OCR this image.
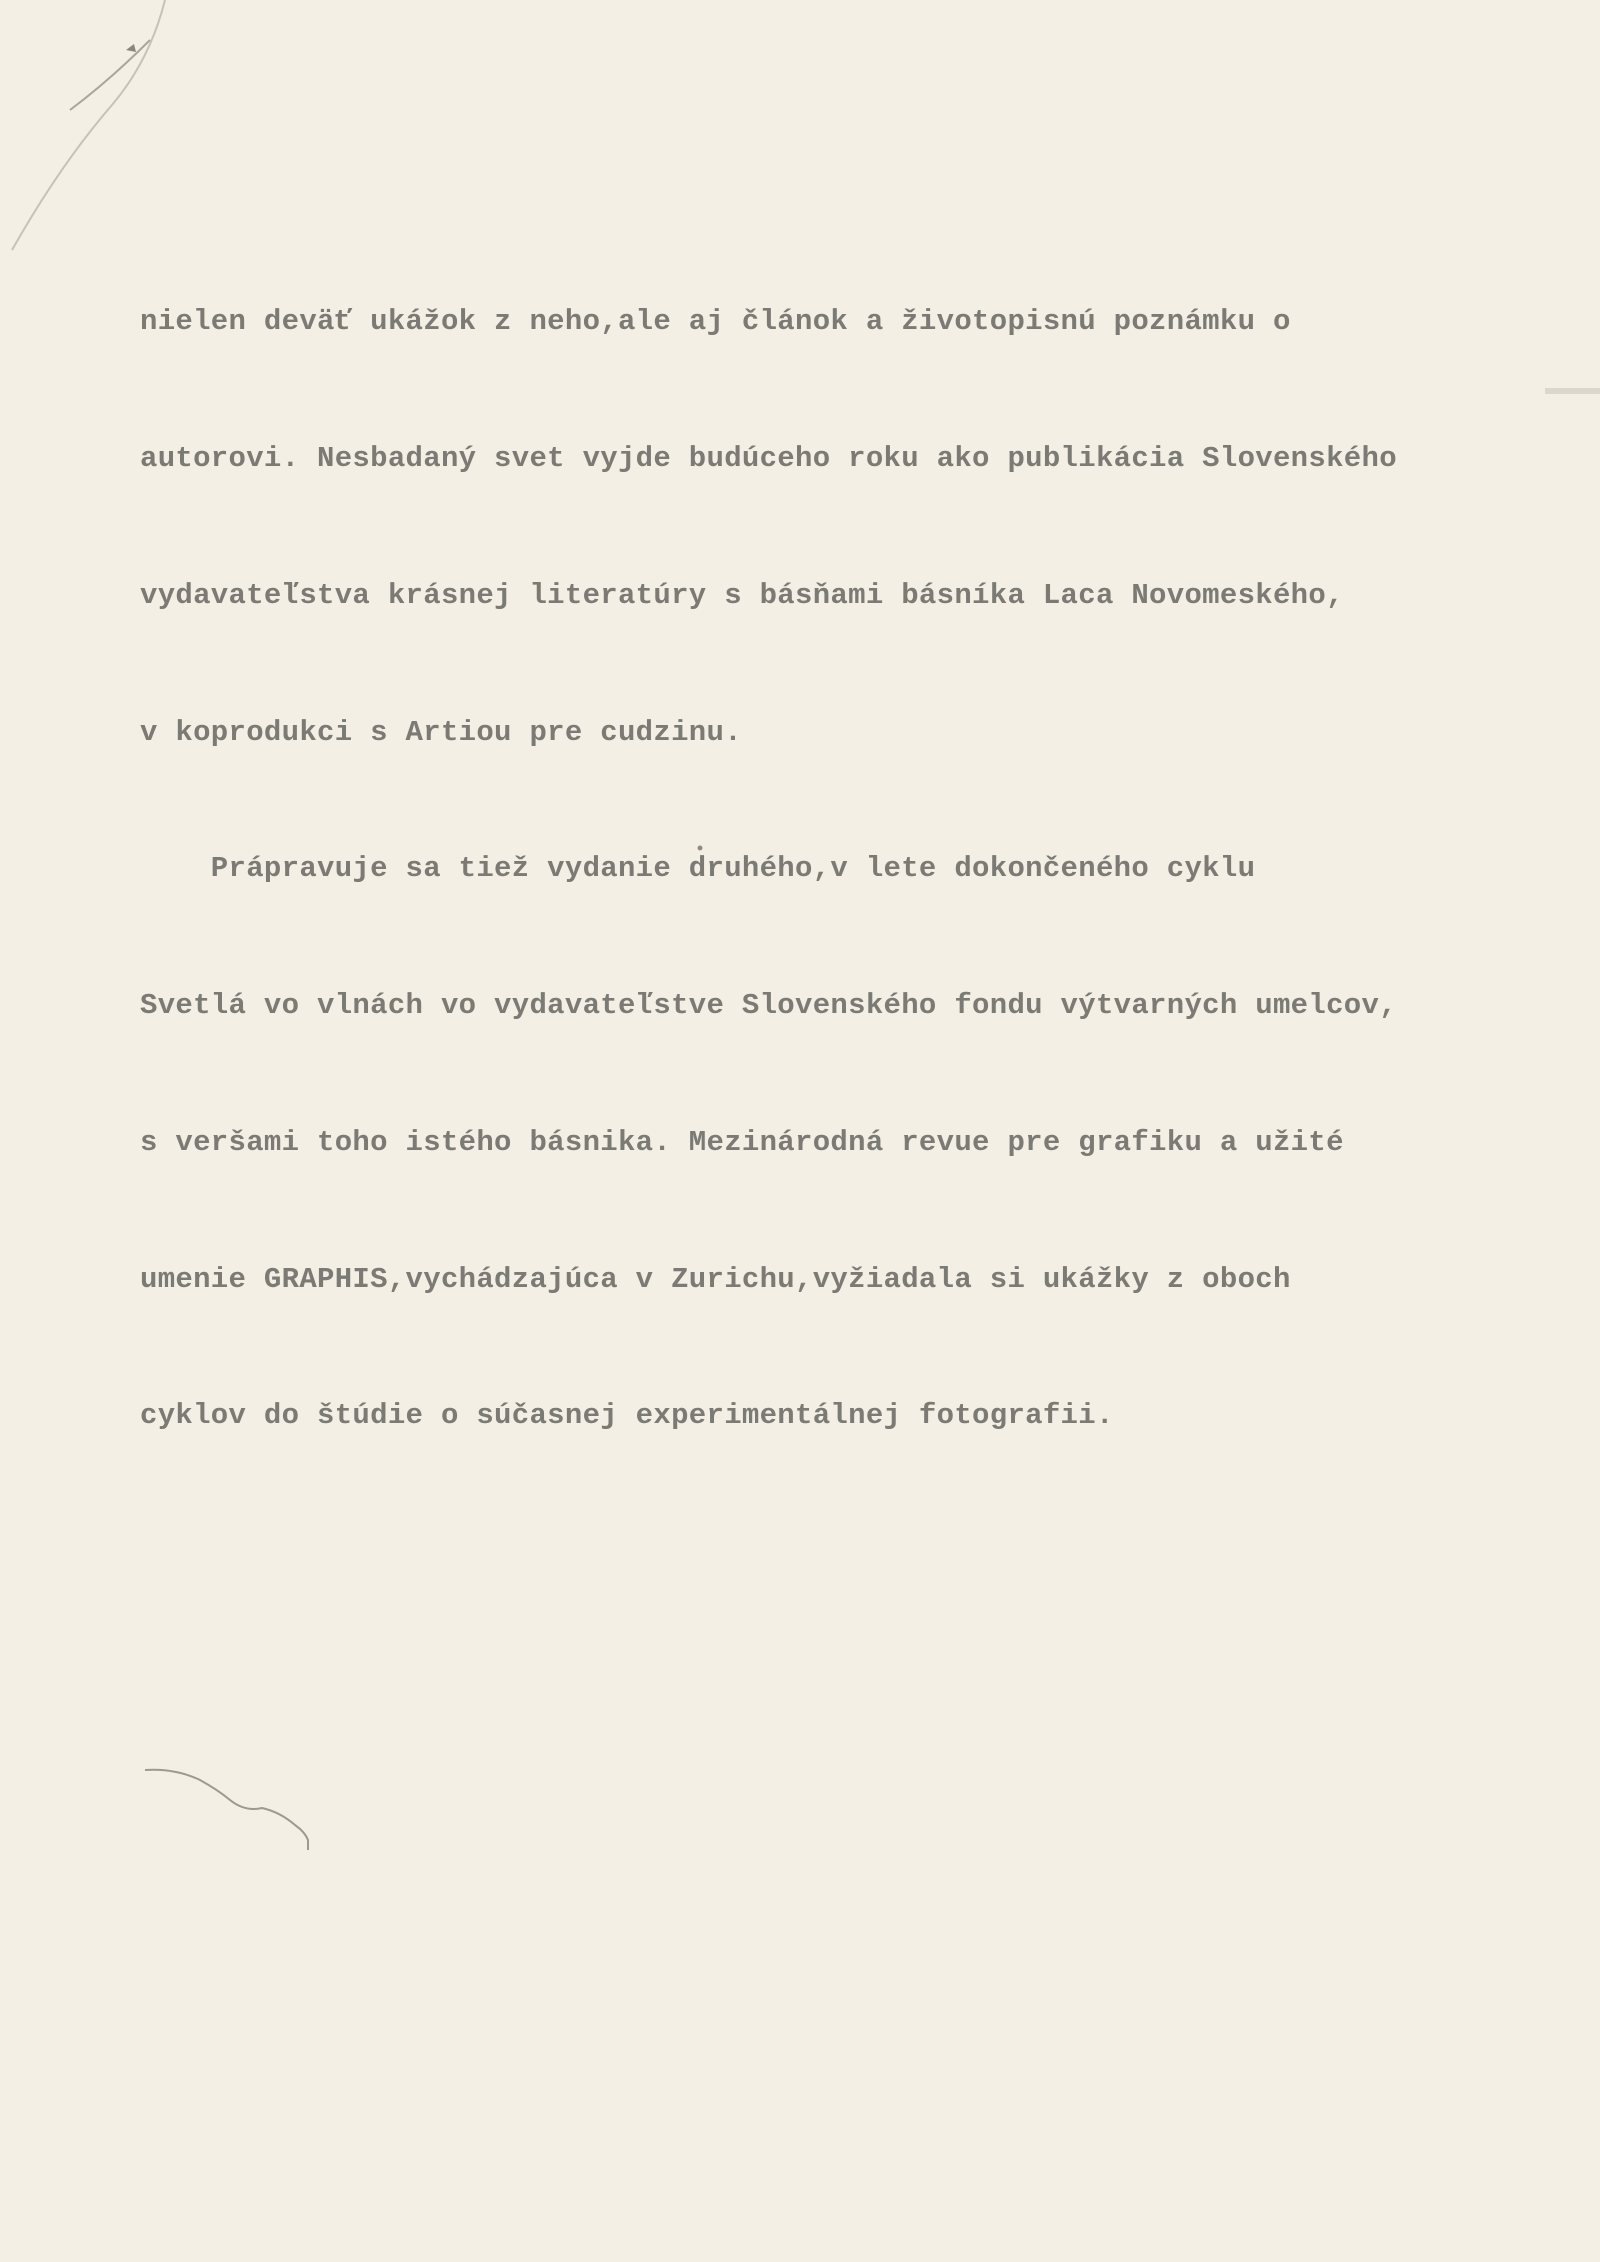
nielen deväť ukážok z neho,ale aj článok a životopisnú poznámku o

autorovi. Nesbadaný svet vyjde budúceho roku ako publikácia Slovenského

vydavateľstva krásnej literatúry s básňami básníka Laca Novomeského,

v koprodukci s Artiou pre cudzinu.

Prápravuje sa tiež vydanie druhého,v lete dokončeného cyklu

Svetlá vo vlnách vo vydavateľstve Slovenského fondu výtvarných umelcov,

s veršami toho istého básnika. Mezinárodná revue pre grafiku a užité

umenie GRAPHIS,vychádzajúca v Zurichu,vyžiadala si ukážky z oboch

cyklov do štúdie o súčasnej experimentálnej fotografii.
